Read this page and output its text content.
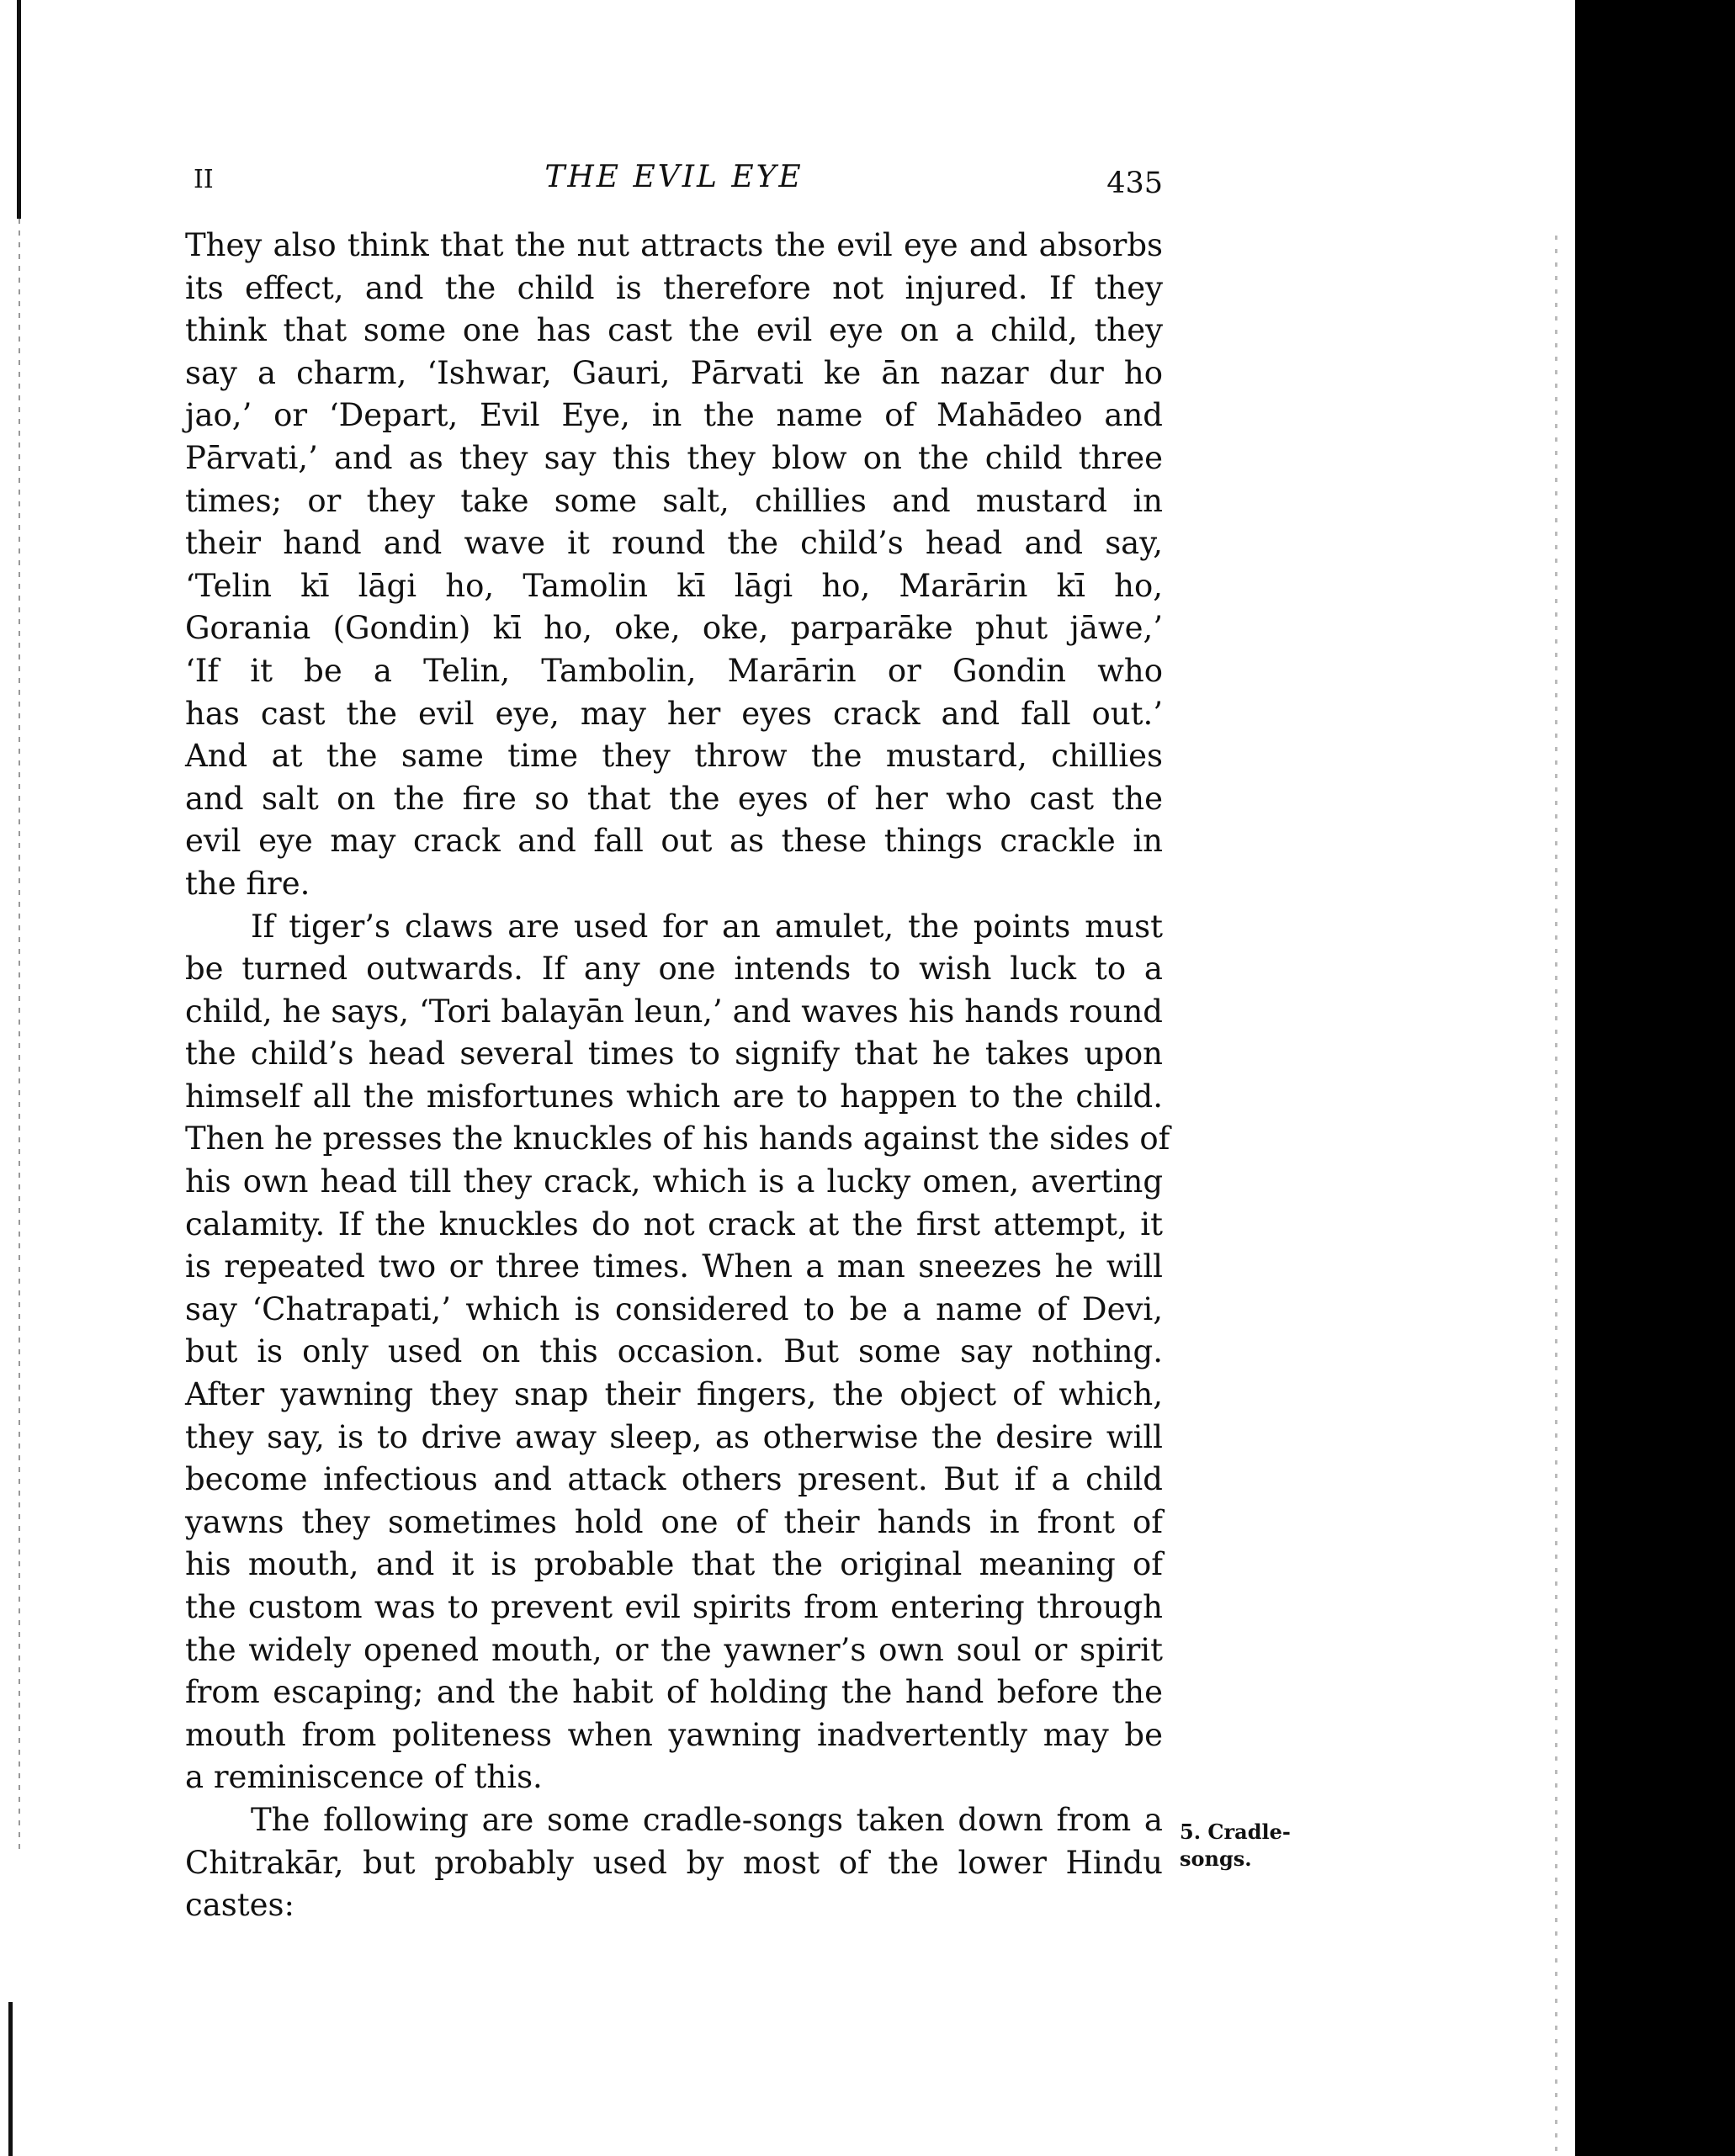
II	THE EVIL EYE	435
They also think that the nut attracts the evil eye and absorbs
its effect, and the child is therefore not injured. If they
think that some one has cast the evil eye on a child, they
say a charm, ‘Ishwar, Gauri, Pārvati ke ān nazar dur ho
jao,’ or ‘Depart, Evil Eye, in the name of Mahādeo and
Pārvati,’ and as they say this they blow on the child three
times; or they take some salt, chillies and mustard in
their hand and wave it round the child’s head and say,
‘Telin kī lāgi ho, Tamolin kī lāgi ho, Marārin kī ho,
Gorania (Gondin) kī ho, oke, oke, parparāke phut jāwe,’
‘If it be a Telin, Tambolin, Marārin or Gondin who
has cast the evil eye, may her eyes crack and fall out.’
And at the same time they throw the mustard, chillies
and salt on the fire so that the eyes of her who cast the
evil eye may crack and fall out as these things crackle in
the fire.
If tiger’s claws are used for an amulet, the points must
be turned outwards. If any one intends to wish luck to a
child, he says, ‘Tori balayān leun,’ and waves his hands round
the child’s head several times to signify that he takes upon
himself all the misfortunes which are to happen to the child.
Then he presses the knuckles of his hands against the sides of
his own head till they crack, which is a lucky omen, averting
calamity. If the knuckles do not crack at the first attempt, it
is repeated two or three times. When a man sneezes he will
say ‘Chatrapati,’ which is considered to be a name of Devi,
but is only used on this occasion. But some say nothing.
After yawning they snap their fingers, the object of which,
they say, is to drive away sleep, as otherwise the desire will
become infectious and attack others present. But if a child
yawns they sometimes hold one of their hands in front of
his mouth, and it is probable that the original meaning of
the custom was to prevent evil spirits from entering through
the widely opened mouth, or the yawner’s own soul or spirit
from escaping; and the habit of holding the hand before the
mouth from politeness when yawning inadvertently may be
a reminiscence of this.
The following are some cradle-songs taken down from a
Chitrakār, but probably used by most of the lower Hindu
castes:
5. Cradle-
songs.
